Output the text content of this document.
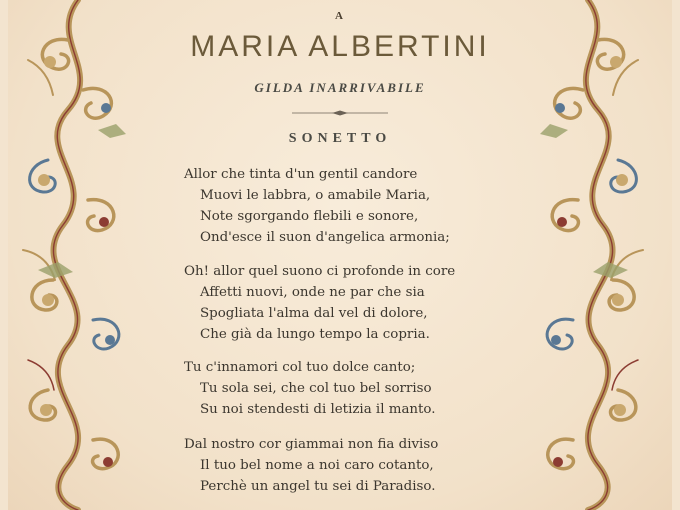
A
MARIA ALBERTINI
GILDA INARRIVABILE
SONETTO
Allor che tinta d'un gentil candore
Muovi le labbra, o amabile Maria,
Note sgorgando flebili e sonore,
Ond'esce il suon d'angelica armonia;
Oh! allor quel suono ci profonde in core
Affetti nuovi, onde ne par che sia
Spogliata l'alma dal vel di dolore,
Che già da lungo tempo la copria.
Tu c'innamori col tuo dolce canto;
Tu sola sei, che col tuo bel sorriso
Su noi stendesti di letizia il manto.
Dal nostro cor giammai non fia diviso
Il tuo bel nome a noi caro cotanto,
Perchè un angel tu sei di Paradiso.
